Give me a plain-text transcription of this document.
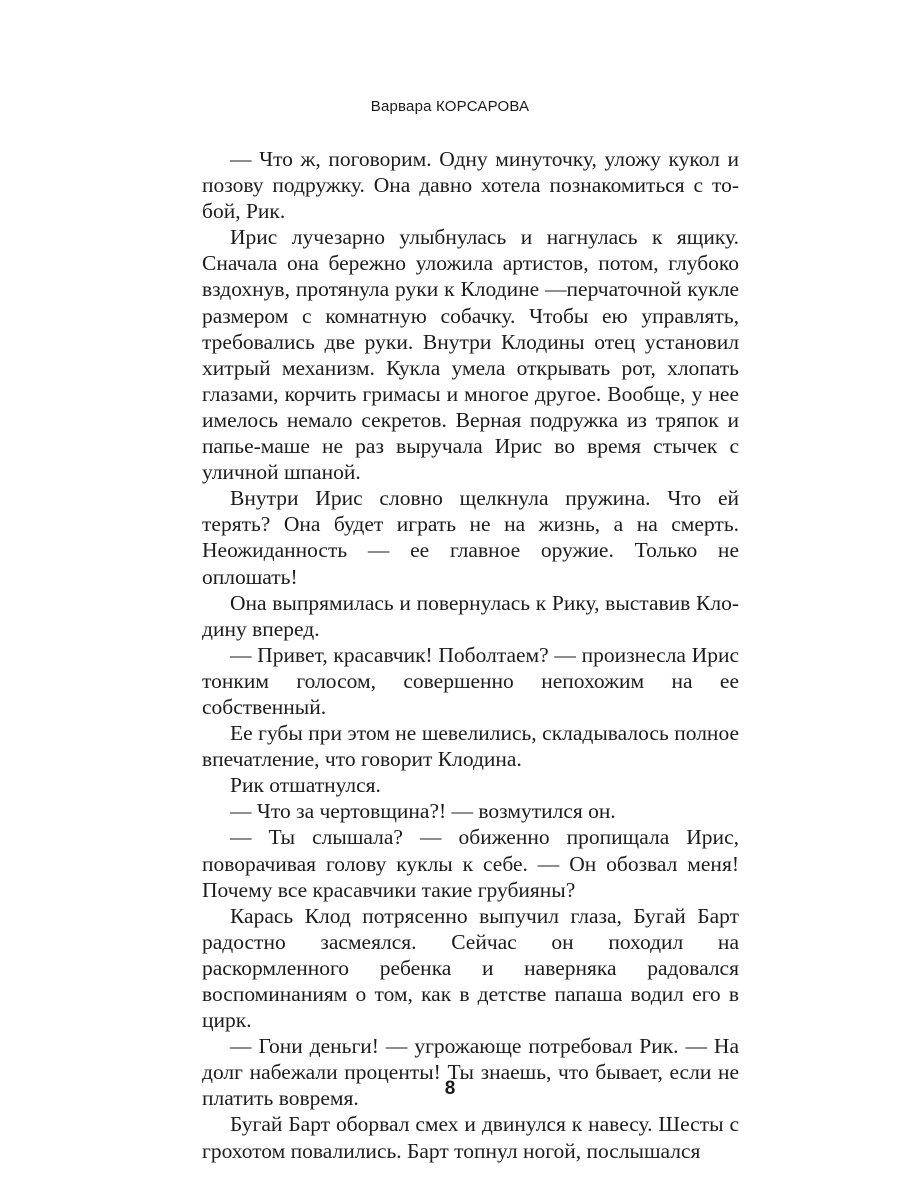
Варвара КОРСАРОВА

— Что ж, поговорим. Одну минуточку, уложу кукол и позову подружку. Она давно хотела познакомиться с тобой, Рик.

Ирис лучезарно улыбнулась и нагнулась к ящику. Сначала она бережно уложила артистов, потом, глубоко вздохнув, протянула руки к Клодине —перчаточной кукле размером с комнатную собачку. Чтобы ею управлять, требовались две руки. Внутри Клодины отец установил хитрый механизм. Кукла умела открывать рот, хлопать глазами, корчить гримасы и многое другое. Вообще, у нее имелось немало секретов. Верная подружка из тряпок и папье-маше не раз выручала Ирис во время стычек с уличной шпаной.

Внутри Ирис словно щелкнула пружина. Что ей терять? Она будет играть не на жизнь, а на смерть. Неожиданность — ее главное оружие. Только не оплошать!

Она выпрямилась и повернулась к Рику, выставив Клодину вперед.

— Привет, красавчик! Поболтаем? — произнесла Ирис тонким голосом, совершенно непохожим на ее собственный.

Ее губы при этом не шевелились, складывалось полное впечатление, что говорит Клодина.

Рик отшатнулся.

— Что за чертовщина?! — возмутился он.

— Ты слышала? — обиженно пропищала Ирис, поворачивая голову куклы к себе. — Он обозвал меня! Почему все красавчики такие грубияны?

Карась Клод потрясенно выпучил глаза, Бугай Барт радостно засмеялся. Сейчас он походил на раскормленного ребенка и наверняка радовался воспоминаниям о том, как в детстве папаша водил его в цирк.

— Гони деньги! — угрожающе потребовал Рик. — На долг набежали проценты! Ты знаешь, что бывает, если не платить вовремя.

Бугай Барт оборвал смех и двинулся к навесу. Шесты с грохотом повалились. Барт топнул ногой, послышался

8
